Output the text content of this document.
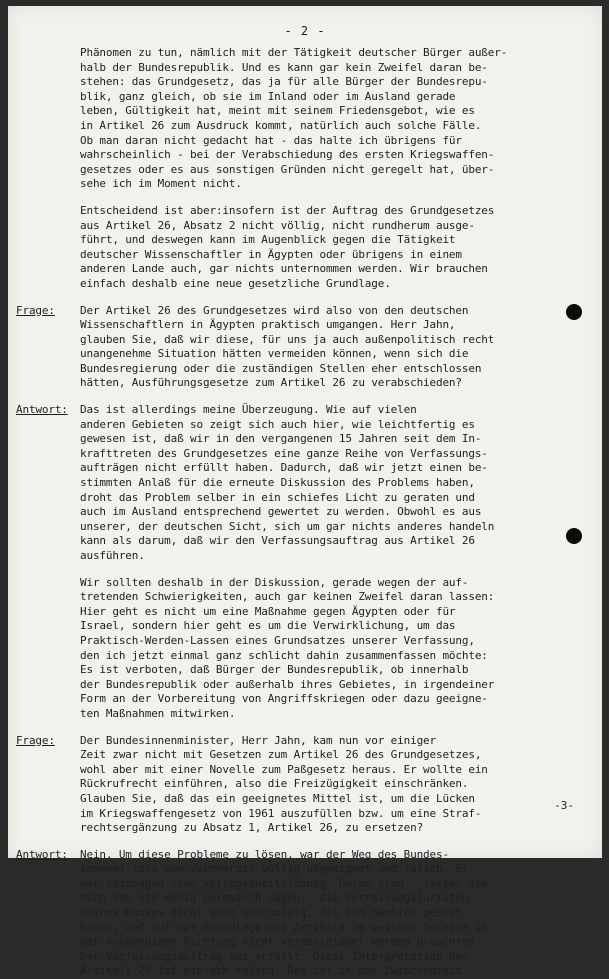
- 2 -
Phänomen zu tun, nämlich mit der Tätigkeit deutscher Bürger außer-
halb der Bundesrepublik. Und es kann gar kein Zweifel daran be-
stehen: das Grundgesetz, das ja für alle Bürger der Bundesrepu-
blik, ganz gleich, ob sie im Inland oder im Ausland gerade
leben, Gültigkeit hat, meint mit seinem Friedensgebot, wie es
in Artikel 26 zum Ausdruck kommt, natürlich auch solche Fälle.
Ob man daran nicht gedacht hat - das halte ich übrigens für
wahrscheinlich - bei der Verabschiedung des ersten Kriegswaffen-
gesetzes oder es aus sonstigen Gründen nicht geregelt hat, über-
sehe ich im Moment nicht.
Entscheidend ist aber:insofern ist der Auftrag des Grundgesetzes
aus Artikel 26, Absatz 2 nicht völlig, nicht rundherum ausge-
führt, und deswegen kann im Augenblick gegen die Tätigkeit
deutscher Wissenschaftler in Ägypten oder übrigens in einem
anderen Lande auch, gar nichts unternommen werden. Wir brauchen
einfach deshalb eine neue gesetzliche Grundlage.
Frage: Der Artikel 26 des Grundgesetzes wird also von den deutschen
Wissenschaftlern in Ägypten praktisch umgangen. Herr Jahn,
glauben Sie, daß wir diese, für uns ja auch außenpolitisch recht
unangenehme Situation hätten vermeiden können, wenn sich die
Bundesregierung oder die zuständigen Stellen eher entschlossen
hätten, Ausführungsgesetze zum Artikel 26 zu verabschieden?
Antwort: Das ist allerdings meine Überzeugung. Wie auf vielen
anderen Gebieten so zeigt sich auch hier, wie leichtfertig es
gewesen ist, daß wir in den vergangenen 15 Jahren seit dem In-
krafttreten des Grundgesetzes eine ganze Reihe von Verfassungs-
aufträgen nicht erfüllt haben. Dadurch, daß wir jetzt einen be-
stimmten Anlaß für die erneute Diskussion des Problems haben,
droht das Problem selber in ein schiefes Licht zu geraten und
auch im Ausland entsprechend gewertet zu werden. Obwohl es aus
unserer, der deutschen Sicht, sich um gar nichts anderes handeln
kann als darum, daß wir den Verfassungsauftrag aus Artikel 26
ausführen.
Wir sollten deshalb in der Diskussion, gerade wegen der auf-
tretenden Schwierigkeiten, auch gar keinen Zweifel daran lassen:
Hier geht es nicht um eine Maßnahme gegen Ägypten oder für
Israel, sondern hier geht es um die Verwirklichung, um das
Praktisch-Werden-Lassen eines Grundsatzes unserer Verfassung,
den ich jetzt einmal ganz schlicht dahin zusammenfassen möchte:
Es ist verboten, daß Bürger der Bundesrepublik, ob innerhalb
der Bundesrepublik oder außerhalb ihres Gebietes, in irgendeiner
Form an der Vorbereitung von Angriffskriegen oder dazu geeigne-
ten Maßnahmen mitwirken.
Frage: Der Bundesinnenminister, Herr Jahn, kam nun vor einiger
Zeit zwar nicht mit Gesetzen zum Artikel 26 des Grundgesetzes,
wohl aber mit einer Novelle zum Paßgesetz heraus. Er wollte ein
Rückrufrecht einführen, also die Freizügigkeit einschränken.
Glauben Sie, daß das ein geeignetes Mittel ist, um die Lücken
im Kriegswaffengesetz von 1961 auszufüllen bzw. um eine Straf-
rechtsergänzung zu Absatz 1, Artikel 26, zu ersetzen?
Antwort: Nein. Um diese Probleme zu lösen, war der Weg des Bundes-
innenmi ters von vornherein völlig ungeeignet und falsch. Er
war sozusagen eine Verlegenheitslösung. Daran sind - lassen Sie
mich das ein wenig polemisch sagen - die Verfassungsjuristen
seines Hauses nicht ganz unschuldig, die ihm nämlich gesagt
haben, daß auf der Grundlage des Artikels 26 weitere Gesetze in
der notwendigen Richtung nicht verabschiedet werden brauchten.
Der Verfassungsauftrag sei erfüllt. Diese Interpretation des
Artikels 26 ist einfach falsch. Das ist in der Zwischenzeit
-3-
